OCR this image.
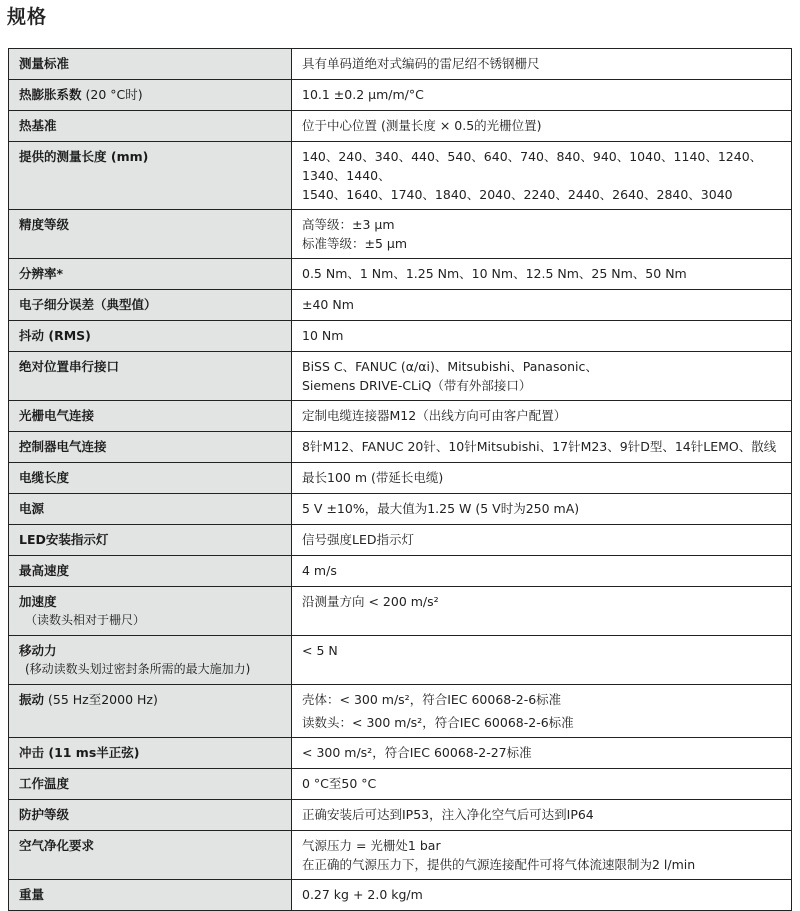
规格
测量标准	具有单码道绝对式编码的雷尼绍不锈钢栅尺

热膨胀系数 (20 °C时)	10.1 ±0.2 µm/m/°C

热基准	位于中心位置 (测量长度 × 0.5的光栅位置)

提供的测量长度 (mm)	140、240、340、440、540、640、740、840、940、1040、1140、1240、1340、1440、
1540、1640、1740、1840、2040、2240、2440、2640、2840、3040

精度等级	高等级：±3 µm
标准等级：±5 µm

分辨率*	0.5 Nm、1 Nm、1.25 Nm、10 Nm、12.5 Nm、25 Nm、50 Nm

电子细分误差（典型值）	±40 Nm

抖动 (RMS)	10 Nm

绝对位置串行接口	BiSS C、FANUC (α/αi)、Mitsubishi、Panasonic、
Siemens DRIVE-CLiQ（带有外部接口）

光栅电气连接	定制电缆连接器M12（出线方向可由客户配置）

控制器电气连接	8针M12、FANUC 20针、10针Mitsubishi、17针M23、9针D型、14针LEMO、散线

电缆长度	最长100 m (带延长电缆)

电源	5 V ±10%，最大值为1.25 W (5 V时为250 mA)

LED安装指示灯	信号强度LED指示灯

最高速度	4 m/s

加速度
（读数头相对于栅尺）	沿测量方向 < 200 m/s²

移动力
(移动读数头划过密封条所需的最大施加力)	< 5 N

振动 (55 Hz至2000 Hz)	壳体：< 300 m/s²，符合IEC 60068-2-6标准
读数头：< 300 m/s²，符合IEC 60068-2-6标准

冲击 (11 ms半正弦)	< 300 m/s²，符合IEC 60068-2-27标准

工作温度	0 °C至50 °C

防护等级	正确安装后可达到IP53，注入净化空气后可达到IP64

空气净化要求	气源压力 = 光栅处1 bar
在正确的气源压力下，提供的气源连接配件可将气体流速限制为2 l/min

重量	0.27 kg + 2.0 kg/m
